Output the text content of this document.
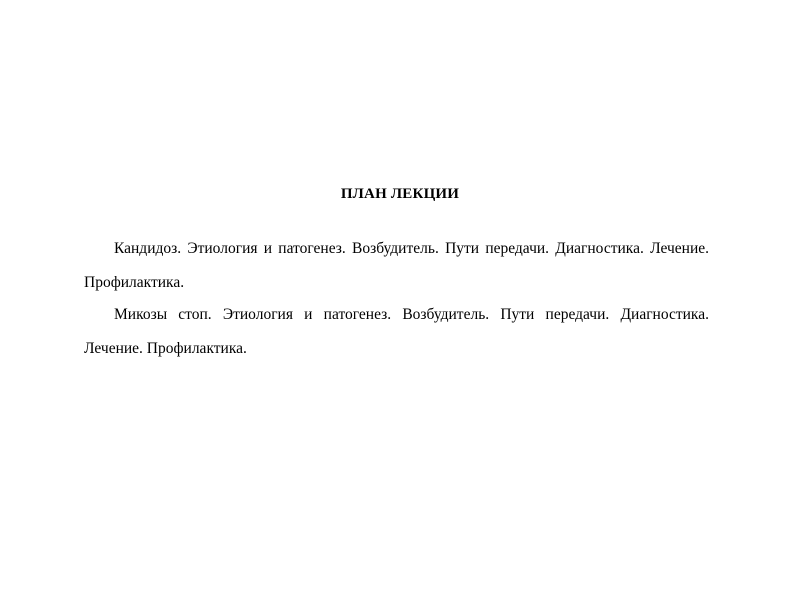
ПЛАН ЛЕКЦИИ

Кандидоз. Этиология и патогенез. Возбудитель. Пути передачи. Диагностика. Лечение. Профилактика.

Микозы стоп. Этиология и патогенез. Возбудитель. Пути передачи. Диагностика. Лечение. Профилактика.
